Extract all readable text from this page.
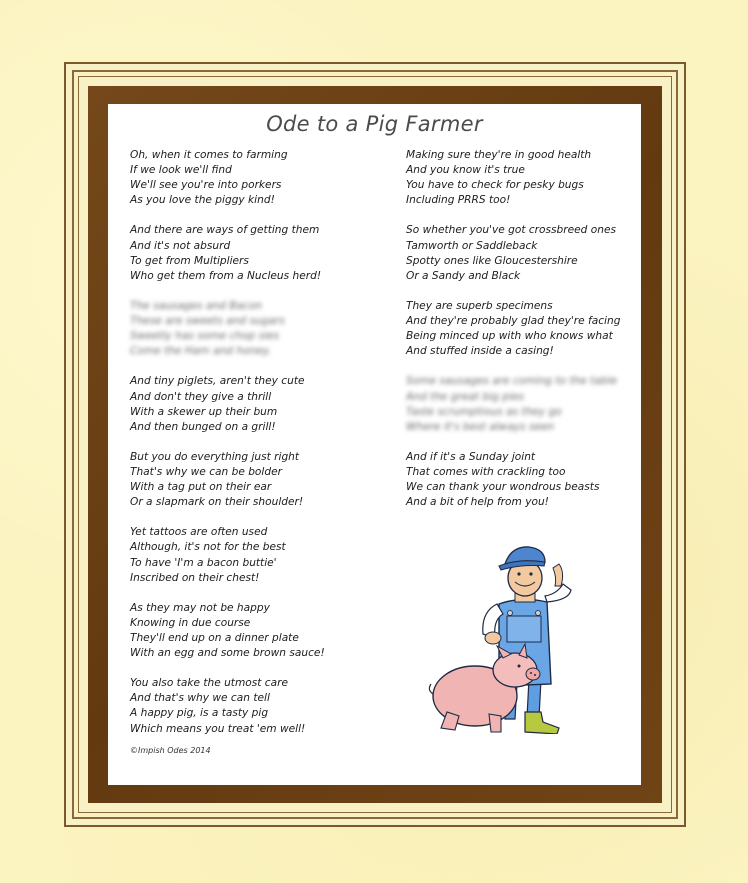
Ode to a Pig Farmer
Oh, when it comes to farming
If we look we'll find
We'll see you're into porkers
As you love the piggy kind!
And there are ways of getting them
And it's not absurd
To get from Multipliers
Who get them from a Nucleus herd!
The sausages and Bacon
These are sweets and sugars
Sweetly has some chop sies
Come the Ham and honey.
And tiny piglets, aren't they cute
And don't they give a thrill
With a skewer up their bum
And then bunged on a grill!
But you do everything just right
That's why we can be bolder
With a tag put on their ear
Or a slapmark on their shoulder!
Yet tattoos are often used
Although, it's not for the best
To have 'I'm a bacon buttie'
Inscribed on their chest!
As they may not be happy
Knowing in due course
They'll end up on a dinner plate
With an egg and some brown sauce!
You also take the utmost care
And that's why we can tell
A happy pig, is a tasty pig
Which means you treat 'em well!
Making sure they're in good health
And you know it's true
You have to check for pesky bugs
Including PRRS too!
So whether you've got crossbreed ones
Tamworth or Saddleback
Spotty ones like Gloucestershire
Or a Sandy and Black
They are superb specimens
And they're probably glad they're facing
Being minced up with who knows what
And stuffed inside a casing!
Some sausages are coming to the table
And the great big pies
Taste scrumptious as they go
Where it's best always seen
And if it's a Sunday joint
That comes with crackling too
We can thank your wondrous beasts
And a bit of help from you!
©Impish Odes 2014
